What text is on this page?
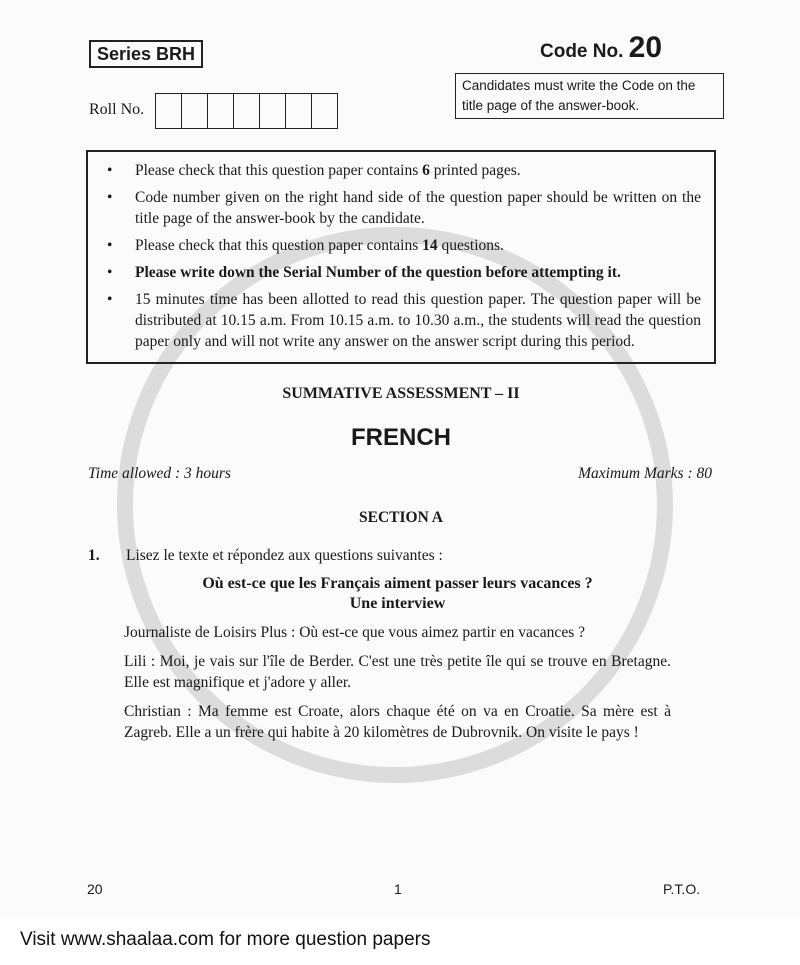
Series BRH	Code No. 20
Candidates must write the Code on the title page of the answer-book.
Roll No.
• Please check that this question paper contains 6 printed pages.
• Code number given on the right hand side of the question paper should be written on the title page of the answer-book by the candidate.
• Please check that this question paper contains 14 questions.
• Please write down the Serial Number of the question before attempting it.
• 15 minutes time has been allotted to read this question paper. The question paper will be distributed at 10.15 a.m. From 10.15 a.m. to 10.30 a.m., the students will read the question paper only and will not write any answer on the answer script during this period.
SUMMATIVE ASSESSMENT – II
FRENCH
Time allowed : 3 hours	Maximum Marks : 80
SECTION A
1.	Lisez le texte et répondez aux questions suivantes :
Où est-ce que les Français aiment passer leurs vacances ?
Une interview
Journaliste de Loisirs Plus : Où est-ce que vous aimez partir en vacances ?
Lili : Moi, je vais sur l'île de Berder. C'est une très petite île qui se trouve en Bretagne. Elle est magnifique et j'adore y aller.
Christian : Ma femme est Croate, alors chaque été on va en Croatie. Sa mère est à Zagreb. Elle a un frère qui habite à 20 kilomètres de Dubrovnik. On visite le pays !
20	1	P.T.O.
Visit www.shaalaa.com for more question papers
